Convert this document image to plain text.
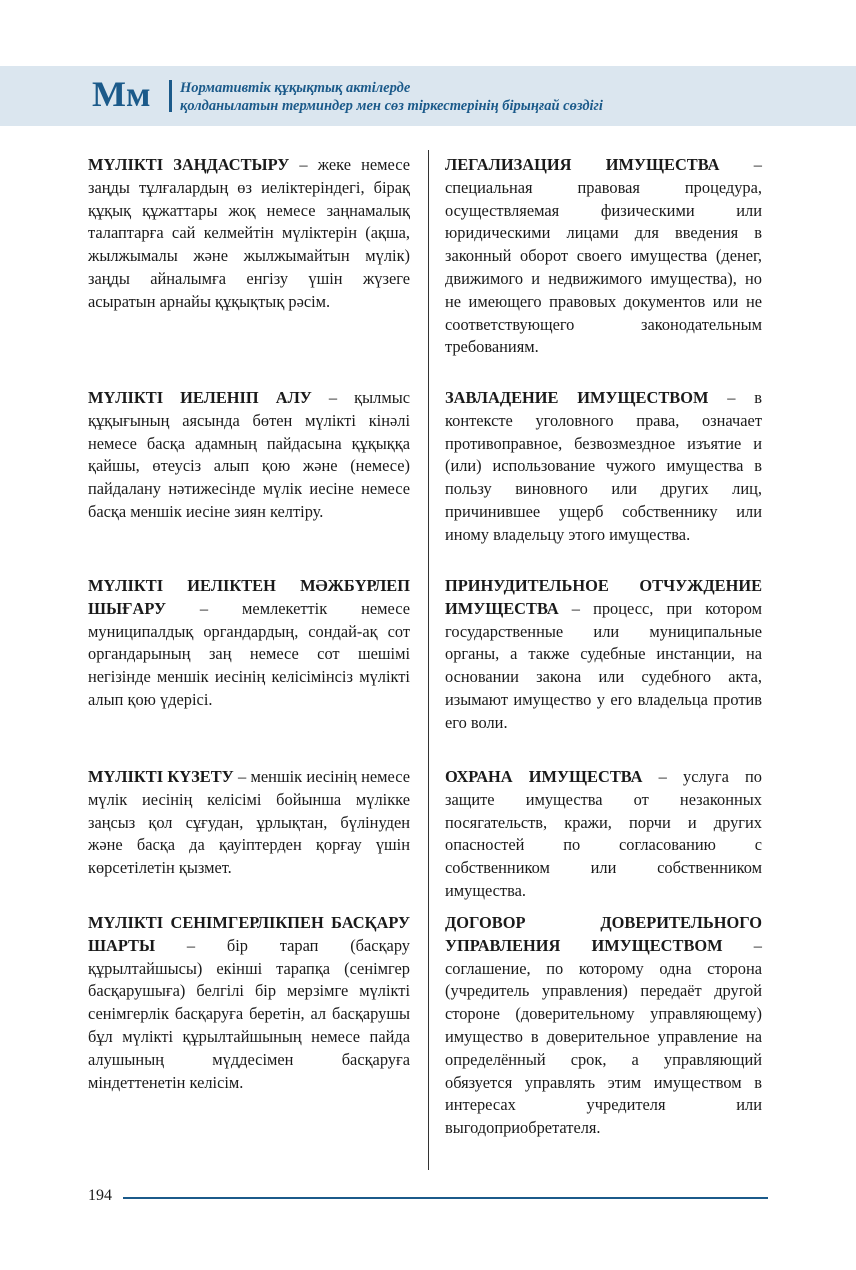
Мм Нормативтік құқықтық актілерде
қолданылатын терминдер мен сөз тіркестерінің бірыңғай сөздігі

МҮЛІКТІ ЗАҢДАСТЫРУ – жеке немесе заңды тұлғалардың өз иеліктеріндегі, бірақ құқық құжаттары жоқ немесе заңнамалық талаптарға сай келмейтін мүліктерін (ақша, жылжымалы және жылжымайтын мүлік) заңды айналымға енгізу үшін жүзеге асыратын арнайы құқықтық рәсім.

ЛЕГАЛИЗАЦИЯ ИМУЩЕСТВА – специальная правовая процедура, осуществляемая физическими или юридическими лицами для введения в законный оборот своего имущества (денег, движимого и недвижимого имущества), но не имеющего правовых документов или не соответствующего законодательным требованиям.

МҮЛІКТІ ИЕЛЕНІП АЛУ – қылмыс құқығының аясында бөтен мүлікті кінәлі немесе басқа адамның пайдасына құқыққа қайшы, өтеусіз алып қою және (немесе) пайдалану нәтижесінде мүлік иесіне немесе басқа меншік иесіне зиян келтіру.

ЗАВЛАДЕНИЕ ИМУЩЕСТВОМ – в контексте уголовного права, означает противоправное, безвозмездное изъятие и (или) использование чужого имущества в пользу виновного или других лиц, причинившее ущерб собственнику или иному владельцу этого имущества.

МҮЛІКТІ ИЕЛІКТЕН МӘЖБҮРЛЕП ШЫҒАРУ – мемлекеттік немесе муниципалдық органдардың, сондай-ақ сот органдарының заң немесе сот шешімі негізінде меншік иесінің келісімінсіз мүлікті алып қою үдерісі.

ПРИНУДИТЕЛЬНОЕ ОТЧУЖДЕНИЕ ИМУЩЕСТВА – процесс, при котором государственные или муниципальные органы, а также судебные инстанции, на основании закона или судебного акта, изымают имущество у его владельца против его воли.

МҮЛІКТІ КҮЗЕТУ – меншік иесінің немесе мүлік иесінің келісімі бойынша мүлікке заңсыз қол сұғудан, ұрлықтан, бүлінуден және басқа да қауіптерден қорғау үшін көрсетілетін қызмет.

ОХРАНА ИМУЩЕСТВА – услуга по защите имущества от незаконных посягательств, кражи, порчи и других опасностей по согласованию с собственником или собственником имущества.

МҮЛІКТІ СЕНІМГЕРЛІКПЕН БАСҚАРУ ШАРТЫ – бір тарап (басқару құрылтайшысы) екінші тарапқа (сенімгер басқарушыға) белгілі бір мерзімге мүлікті сенімгерлік басқаруға беретін, ал басқарушы бұл мүлікті құрылтайшының немесе пайда алушының мүддесімен басқаруға міндеттенетін келісім.

ДОГОВОР ДОВЕРИТЕЛЬНОГО УПРАВЛЕНИЯ ИМУЩЕСТВОМ – соглашение, по которому одна сторона (учредитель управления) передаёт другой стороне (доверительному управляющему) имущество в доверительное управление на определённый срок, а управляющий обязуется управлять этим имуществом в интересах учредителя или выгодоприобретателя.

194
